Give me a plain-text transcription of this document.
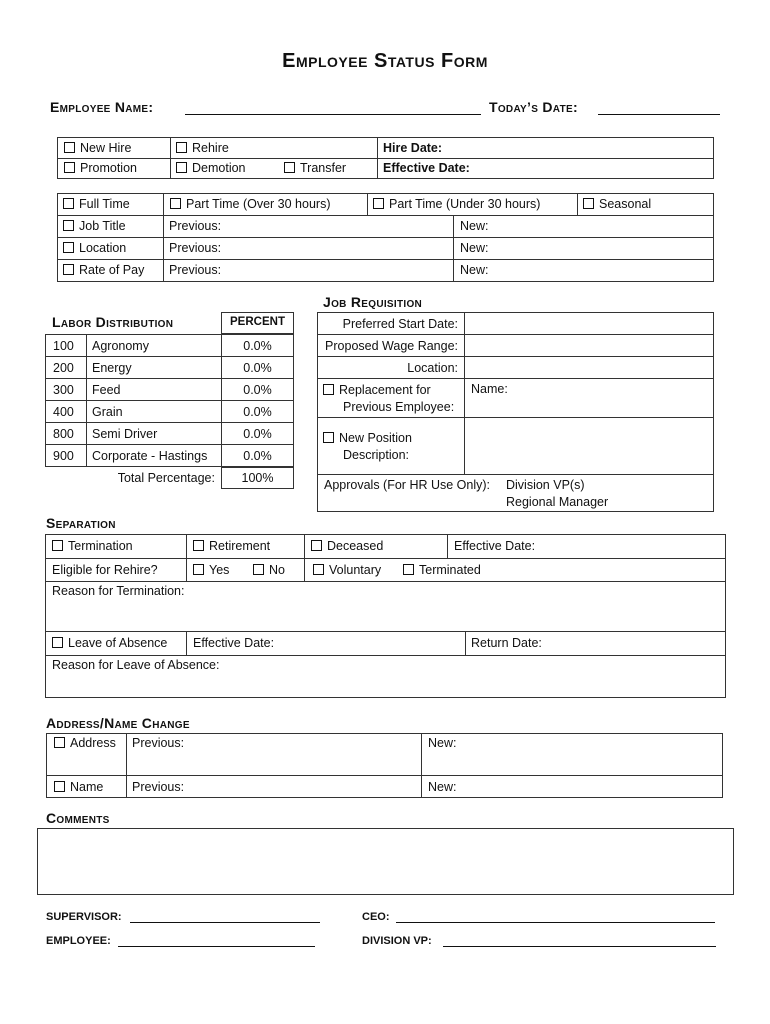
Employee Status Form
Employee Name:	Today’s Date:
New Hire	Rehire	Hire Date:
Promotion	Demotion	Transfer	Effective Date:
Full Time	Part Time (Over 30 hours)	Part Time (Under 30 hours)	Seasonal
Job Title	Previous:	New:
Location	Previous:	New:
Rate of Pay Previous:	New:
Labor Distribution	PERCENT
100 Agronomy	0.0%
200 Energy	0.0%
300 Feed	0.0%
400 Grain	0.0%
800 Semi Driver	0.0%
900 Corporate - Hastings	0.0%
Total Percentage:	100%
Job Requisition
Preferred Start Date:
Proposed Wage Range:
Location:
Replacement for
Previous Employee:
Name:
New Position
Description:
Approvals (For HR Use Only): Division VP(s)
Regional Manager
Separation
Termination	Retirement	Deceased	Effective Date:
Eligible for Rehire?	Yes	No	Voluntary	Terminated
Reason for Termination:
Leave of Absence Effective Date:	Return Date:
Reason for Leave of Absence:
Address/Name Change
Address Previous:	New:
Name Previous:	New:
Comments
SUPERVISOR:	CEO:
EMPLOYEE:	DIVISION VP:
